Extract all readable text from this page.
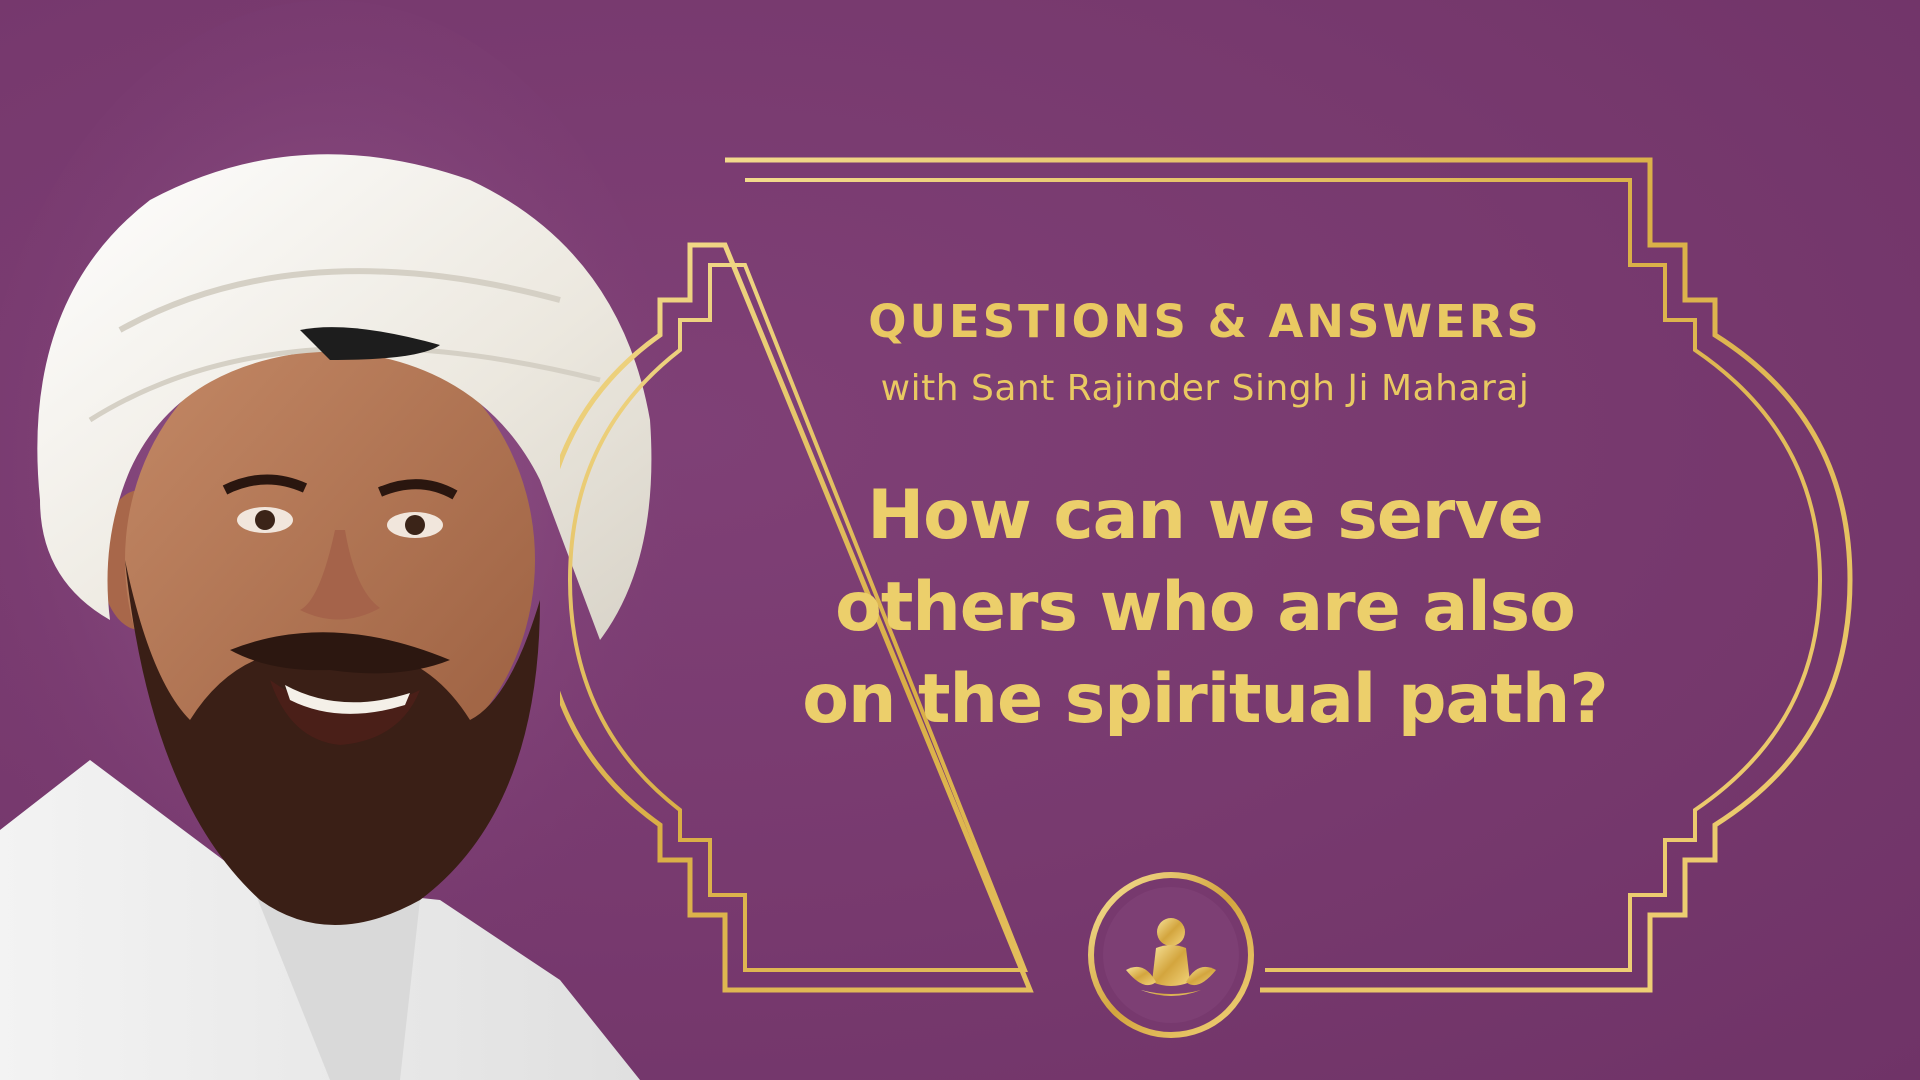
QUESTIONS & ANSWERS
with Sant Rajinder Singh Ji Maharaj
How can we serve
others who are also
on the spiritual path?
